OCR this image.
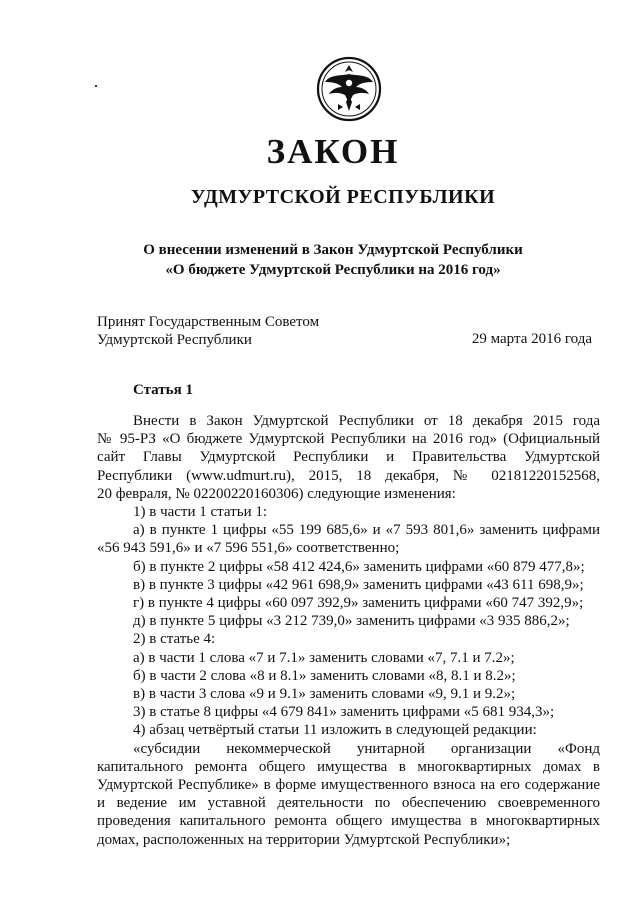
ЗАКОН
УДМУРТСКОЙ РЕСПУБЛИКИ
О внесении изменений в Закон Удмуртской Республики
«О бюджете Удмуртской Республики на 2016 год»
Принят Государственным Советом
Удмуртской Республики	29 марта 2016 года
Статья 1

Внести в Закон Удмуртской Республики от 18 декабря 2015 года

№ 95-РЗ «О бюджете Удмуртской Республики на 2016 год» (Официальный

сайт Главы Удмуртской Республики и Правительства Удмуртской

Республики (www.udmurt.ru), 2015, 18 декабря, № 02181220152568,

20 февраля, № 02200220160306) следующие изменения:

1) в части 1 статьи 1:

а) в пункте 1 цифры «55 199 685,6» и «7 593 801,6» заменить цифрами

«56 943 591,6» и «7 596 551,6» соответственно;

б) в пункте 2 цифры «58 412 424,6» заменить цифрами «60 879 477,8»;

в) в пункте 3 цифры «42 961 698,9» заменить цифрами «43 611 698,9»;

г) в пункте 4 цифры «60 097 392,9» заменить цифрами «60 747 392,9»;

д) в пункте 5 цифры «3 212 739,0» заменить цифрами «3 935 886,2»;

2) в статье 4:

а) в части 1 слова «7 и 7.1» заменить словами «7, 7.1 и 7.2»;

б) в части 2 слова «8 и 8.1» заменить словами «8, 8.1 и 8.2»;

в) в части 3 слова «9 и 9.1» заменить словами «9, 9.1 и 9.2»;

3) в статье 8 цифры «4 679 841» заменить цифрами «5 681 934,3»;

4) абзац четвёртый статьи 11 изложить в следующей редакции:

«субсидии некоммерческой унитарной организации «Фонд

капитального ремонта общего имущества в многоквартирных домах в

Удмуртской Республике» в форме имущественного взноса на его содержание

и ведение им уставной деятельности по обеспечению своевременного

проведения капитального ремонта общего имущества в многоквартирных

домах, расположенных на территории Удмуртской Республики»;
